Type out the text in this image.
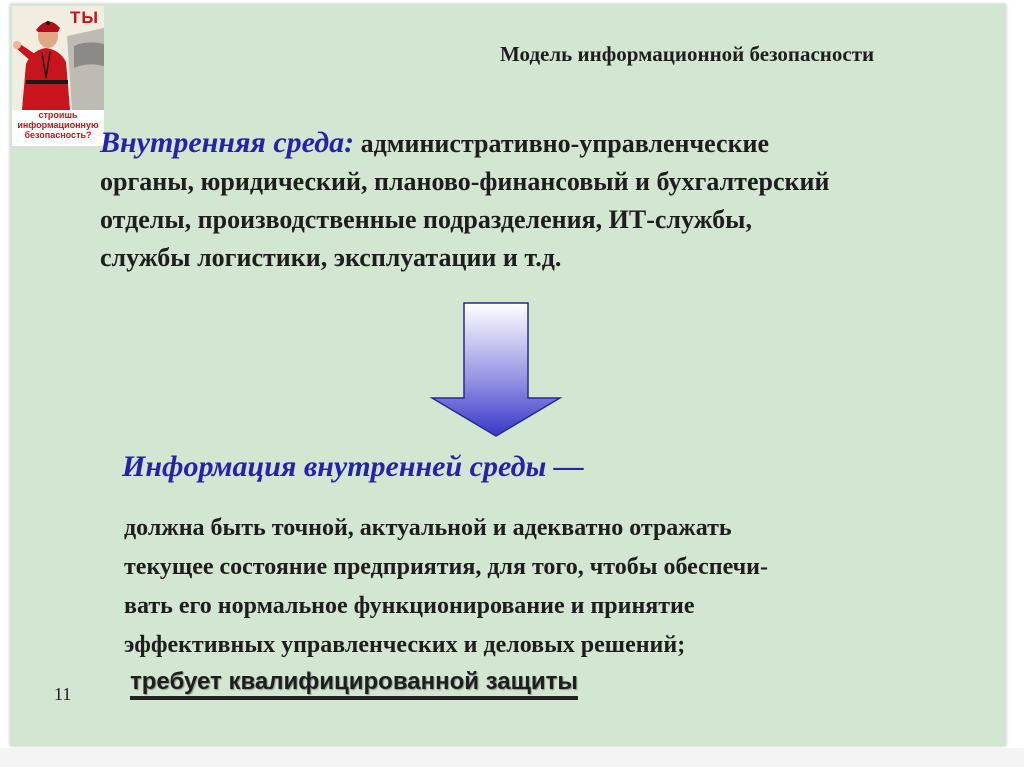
ТЫ
строишь
информационную
безопасность?
Модель информационной безопасности
Внутренняя среда: административно-управленческие
органы, юридический, планово-финансовый и бухгалтерский
отделы, производственные подразделения, ИТ-службы,
службы логистики, эксплуатации и т.д.
Информация внутренней среды —
должна быть точной, актуальной и адекватно отражать
текущее состояние предприятия, для того, чтобы обеспечи-
вать его нормальное функционирование и принятие
эффективных управленческих и деловых решений;
требует квалифицированной защиты
11
